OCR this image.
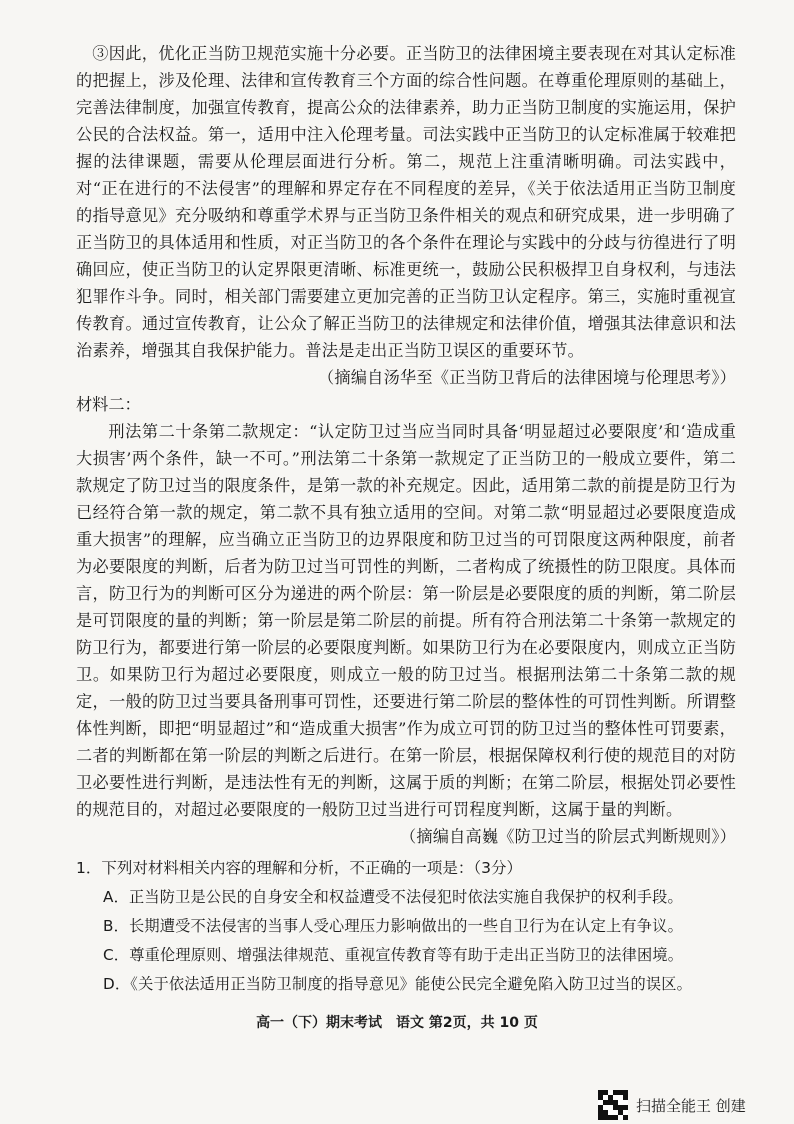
③因此，优化正当防卫规范实施十分必要。正当防卫的法律困境主要表现在对其认定标准的把握上，涉及伦理、法律和宣传教育三个方面的综合性问题。在尊重伦理原则的基础上，完善法律制度，加强宣传教育，提高公众的法律素养，助力正当防卫制度的实施运用，保护公民的合法权益。第一，适用中注入伦理考量。司法实践中正当防卫的认定标准属于较难把握的法律课题，需要从伦理层面进行分析。第二，规范上注重清晰明确。司法实践中，对“正在进行的不法侵害”的理解和界定存在不同程度的差异，《关于依法适用正当防卫制度的指导意见》充分吸纳和尊重学术界与正当防卫条件相关的观点和研究成果，进一步明确了正当防卫的具体适用和性质，对正当防卫的各个条件在理论与实践中的分歧与彷徨进行了明确回应，使正当防卫的认定界限更清晰、标准更统一，鼓励公民积极捍卫自身权利，与违法犯罪作斗争。同时，相关部门需要建立更加完善的正当防卫认定程序。第三，实施时重视宣传教育。通过宣传教育，让公众了解正当防卫的法律规定和法律价值，增强其法律意识和法治素养，增强其自我保护能力。普法是走出正当防卫误区的重要环节。

（摘编自汤华至《正当防卫背后的法律困境与伦理思考》）

材料二：

刑法第二十条第二款规定：“认定防卫过当应当同时具备‘明显超过必要限度’和‘造成重大损害’两个条件，缺一不可。”刑法第二十条第一款规定了正当防卫的一般成立要件，第二款规定了防卫过当的限度条件，是第一款的补充规定。因此，适用第二款的前提是防卫行为已经符合第一款的规定，第二款不具有独立适用的空间。对第二款“明显超过必要限度造成重大损害”的理解，应当确立正当防卫的边界限度和防卫过当的可罚限度这两种限度，前者为必要限度的判断，后者为防卫过当可罚性的判断，二者构成了统摄性的防卫限度。具体而言，防卫行为的判断可区分为递进的两个阶层：第一阶层是必要限度的质的判断，第二阶层是可罚限度的量的判断；第一阶层是第二阶层的前提。所有符合刑法第二十条第一款规定的防卫行为，都要进行第一阶层的必要限度判断。如果防卫行为在必要限度内，则成立正当防卫。如果防卫行为超过必要限度，则成立一般的防卫过当。根据刑法第二十条第二款的规定，一般的防卫过当要具备刑事可罚性，还要进行第二阶层的整体性的可罚性判断。所谓整体性判断，即把“明显超过”和“造成重大损害”作为成立可罚的防卫过当的整体性可罚要素，二者的判断都在第一阶层的判断之后进行。在第一阶层，根据保障权利行使的规范目的对防卫必要性进行判断，是违法性有无的判断，这属于质的判断；在第二阶层，根据处罚必要性的规范目的，对超过必要限度的一般防卫过当进行可罚程度判断，这属于量的判断。

（摘编自高巍《防卫过当的阶层式判断规则》）

1．下列对材料相关内容的理解和分析，不正确的一项是：（3分）

A．正当防卫是公民的自身安全和权益遭受不法侵犯时依法实施自我保护的权利手段。

B．长期遭受不法侵害的当事人受心理压力影响做出的一些自卫行为在认定上有争议。

C．尊重伦理原则、增强法律规范、重视宣传教育等有助于走出正当防卫的法律困境。

D．《关于依法适用正当防卫制度的指导意见》能使公民完全避免陷入防卫过当的误区。

高一（下）期末考试　语文 第2页，共 10 页
扫描全能王 创建
